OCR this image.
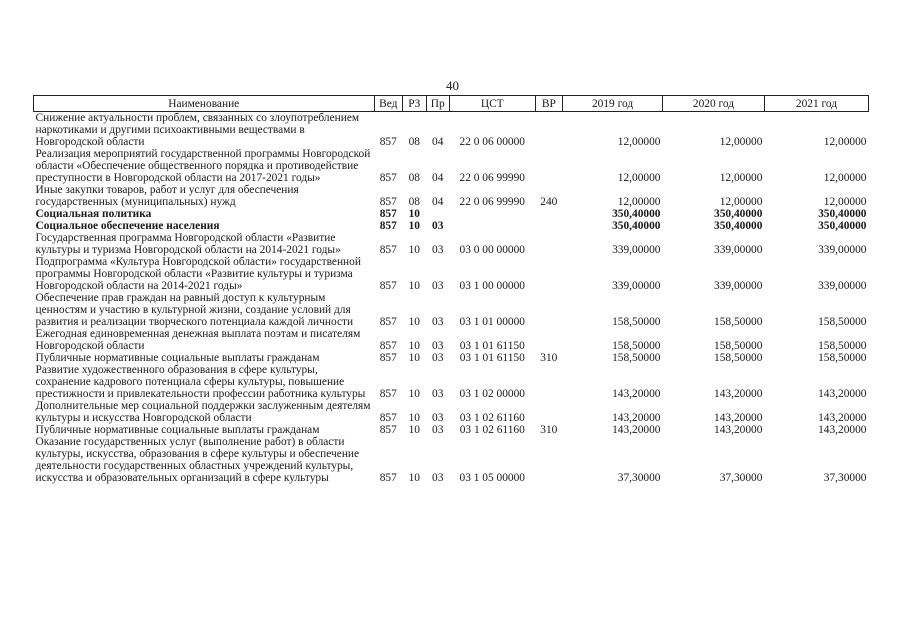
40
Наименование	Вед	РЗ	Пр	ЦСТ	ВР	2019 год	2020 год	2021 год
Снижение актуальности проблем, связанных со злоупотреблением наркотиками и другими психоактивными веществами в Новгородской области	857	08	04	22 0 06 00000		12,00000	12,00000	12,00000
Реализация мероприятий государственной программы Новгородской области «Обеспечение общественного порядка и противодействие преступности в Новгородской области на 2017-2021 годы»	857	08	04	22 0 06 99990		12,00000	12,00000	12,00000
Иные закупки товаров, работ и услуг для обеспечения государственных (муниципальных) нужд	857	08	04	22 0 06 99990	240	12,00000	12,00000	12,00000
Социальная политика	857	10				350,40000	350,40000	350,40000
Социальное обеспечение населения	857	10	03			350,40000	350,40000	350,40000
Государственная программа Новгородской области «Развитие культуры и туризма Новгородской области на 2014-2021 годы»	857	10	03	03 0 00 00000		339,00000	339,00000	339,00000
Подпрограмма «Культура Новгородской области» государственной программы Новгородской области «Развитие культуры и туризма Новгородской области на 2014-2021 годы»	857	10	03	03 1 00 00000		339,00000	339,00000	339,00000
Обеспечение прав граждан на равный доступ к культурным ценностям и участию в культурной жизни, создание условий для развития и реализации творческого потенциала каждой личности	857	10	03	03 1 01 00000		158,50000	158,50000	158,50000
Ежегодная единовременная денежная выплата поэтам и писателям Новгородской области	857	10	03	03 1 01 61150		158,50000	158,50000	158,50000
Публичные нормативные социальные выплаты гражданам	857	10	03	03 1 01 61150	310	158,50000	158,50000	158,50000
Развитие художественного образования в сфере культуры, сохранение кадрового потенциала сферы культуры, повышение престижности и привлекательности профессии работника культуры	857	10	03	03 1 02 00000		143,20000	143,20000	143,20000
Дополнительные мер социальной поддержки заслуженным деятелям культуры и искусства Новгородской области	857	10	03	03 1 02 61160		143,20000	143,20000	143,20000
Публичные нормативные социальные выплаты гражданам	857	10	03	03 1 02 61160	310	143,20000	143,20000	143,20000
Оказание государственных услуг (выполнение работ) в области культуры, искусства, образования в сфере культуры и обеспечение деятельности государственных областных учреждений культуры, искусства и образовательных организаций в сфере культуры	857	10	03	03 1 05 00000		37,30000	37,30000	37,30000
